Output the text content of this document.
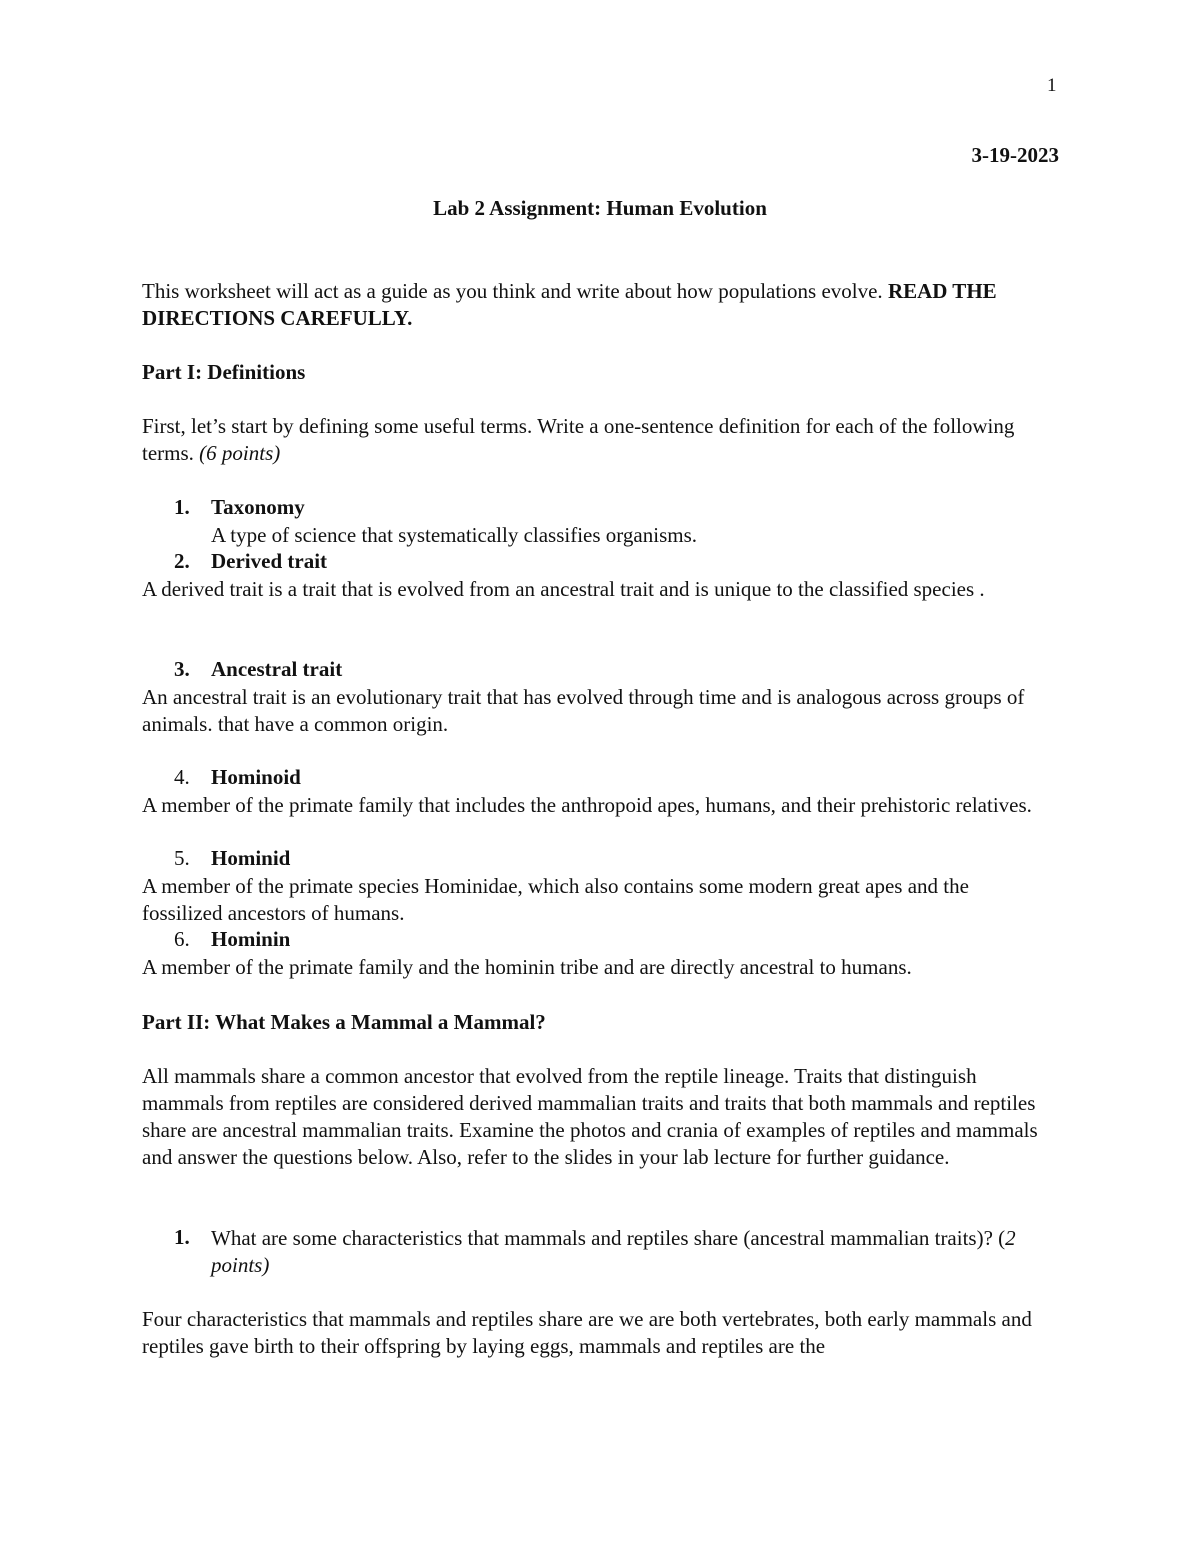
1
3-19-2023
Lab 2 Assignment: Human Evolution
This worksheet will act as a guide as you think and write about how populations evolve. READ THE DIRECTIONS CAREFULLY.
Part I: Definitions
First, let’s start by defining some useful terms. Write a one-sentence definition for each of the following terms. (6 points)
1.	Taxonomy
A type of science that systematically classifies organisms.
2.	Derived trait
A derived trait is a trait that is evolved from an ancestral trait and is unique to the classified species .
3.	Ancestral trait
An ancestral trait is an evolutionary trait that has evolved through time and is analogous across groups of animals. that have a common origin.
4.	Hominoid
A member of the primate family that includes the anthropoid apes, humans, and their prehistoric relatives.
5.	Hominid
A member of the primate species Hominidae, which also contains some modern great apes and the fossilized ancestors of humans.
6.	Hominin
A member of the primate family and the hominin tribe and are directly ancestral to humans.
Part II: What Makes a Mammal a Mammal?
All mammals share a common ancestor that evolved from the reptile lineage. Traits that distinguish mammals from reptiles are considered derived mammalian traits and traits that both mammals and reptiles share are ancestral mammalian traits. Examine the photos and crania of examples of reptiles and mammals and answer the questions below. Also, refer to the slides in your lab lecture for further guidance.
1.	What are some characteristics that mammals and reptiles share (ancestral mammalian traits)? (2 points)
Four characteristics that mammals and reptiles share are we are both vertebrates, both early mammals and reptiles gave birth to their offspring by laying eggs, mammals and reptiles are the
